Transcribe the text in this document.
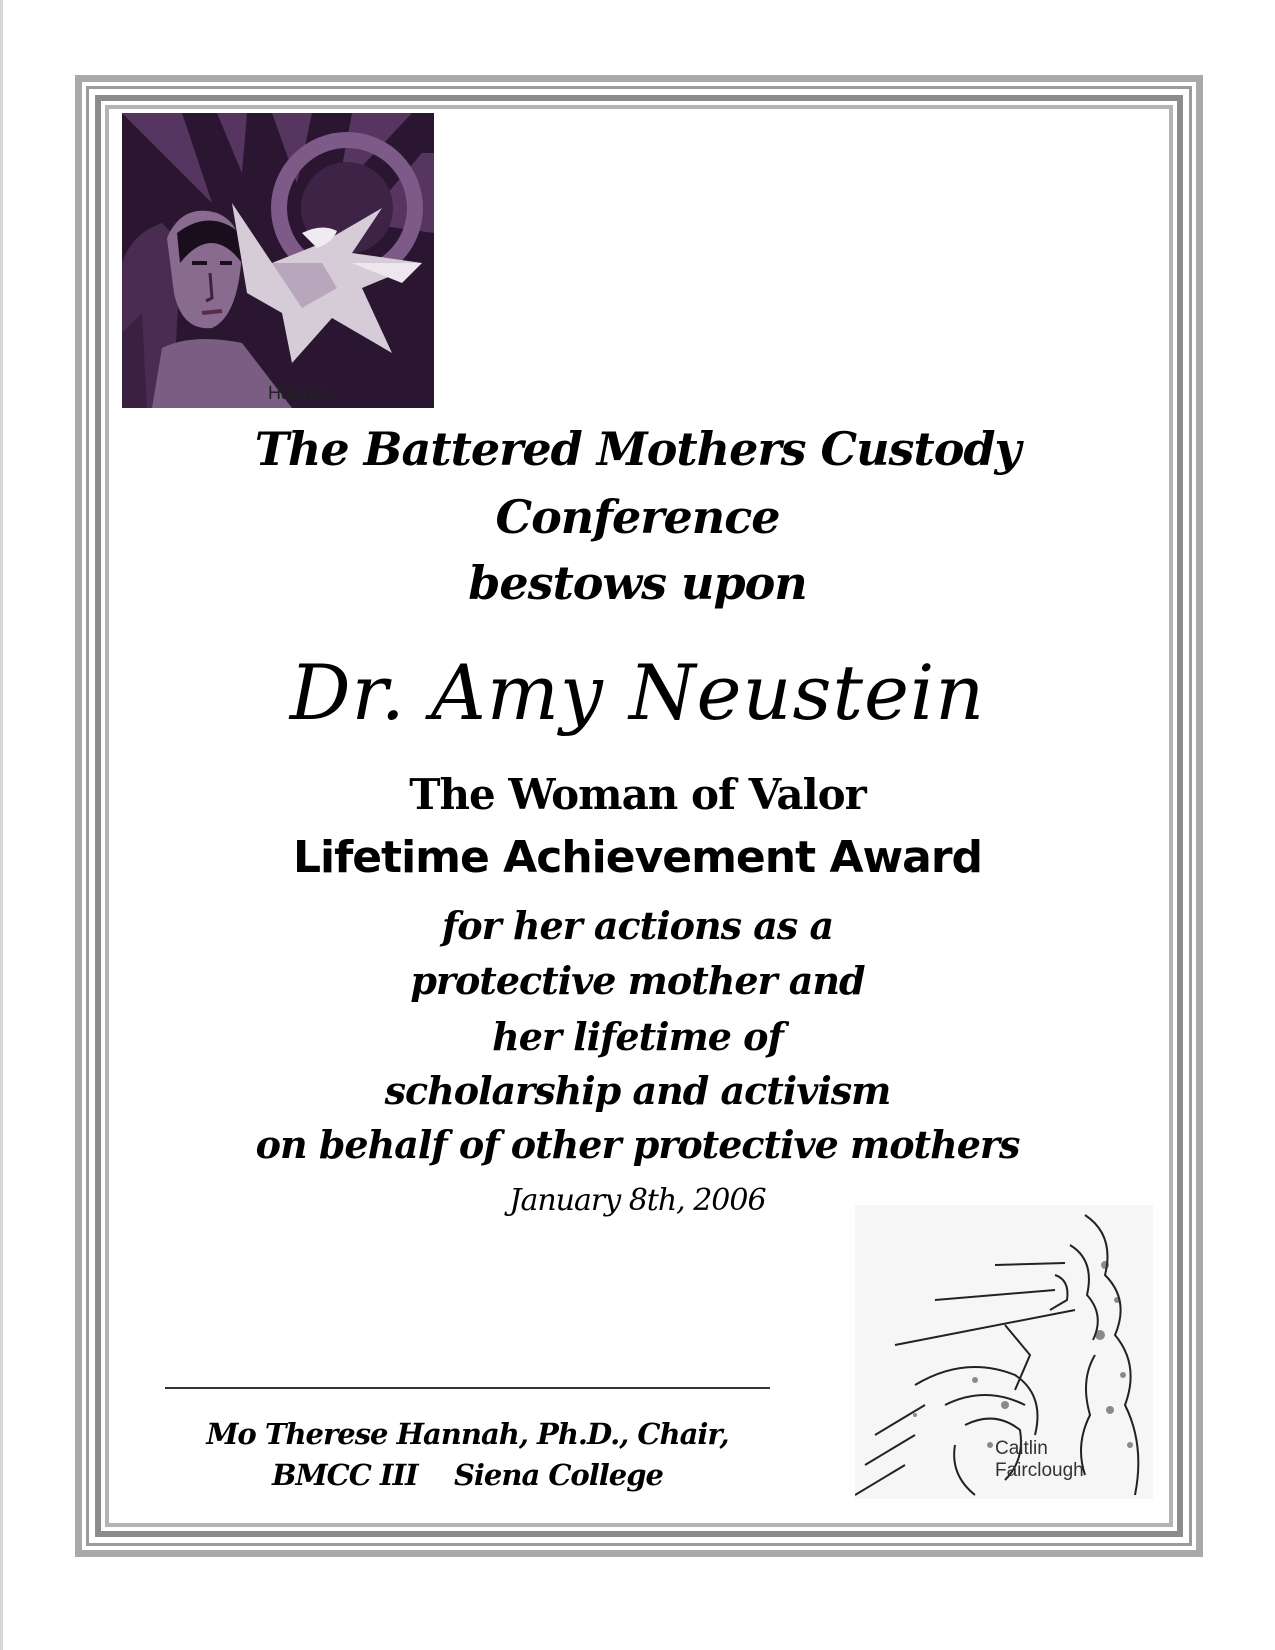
Harman
The Battered Mothers Custody
Conference
bestows upon
Dr. Amy Neustein
The Woman of Valor
Lifetime Achievement Award
for her actions as a
protective mother and
her lifetime of
scholarship and activism
on behalf of other protective mothers
January 8th, 2006
Mo Therese Hannah, Ph.D., Chair,
BMCC III    Siena College
Caitlin
Fairclough
